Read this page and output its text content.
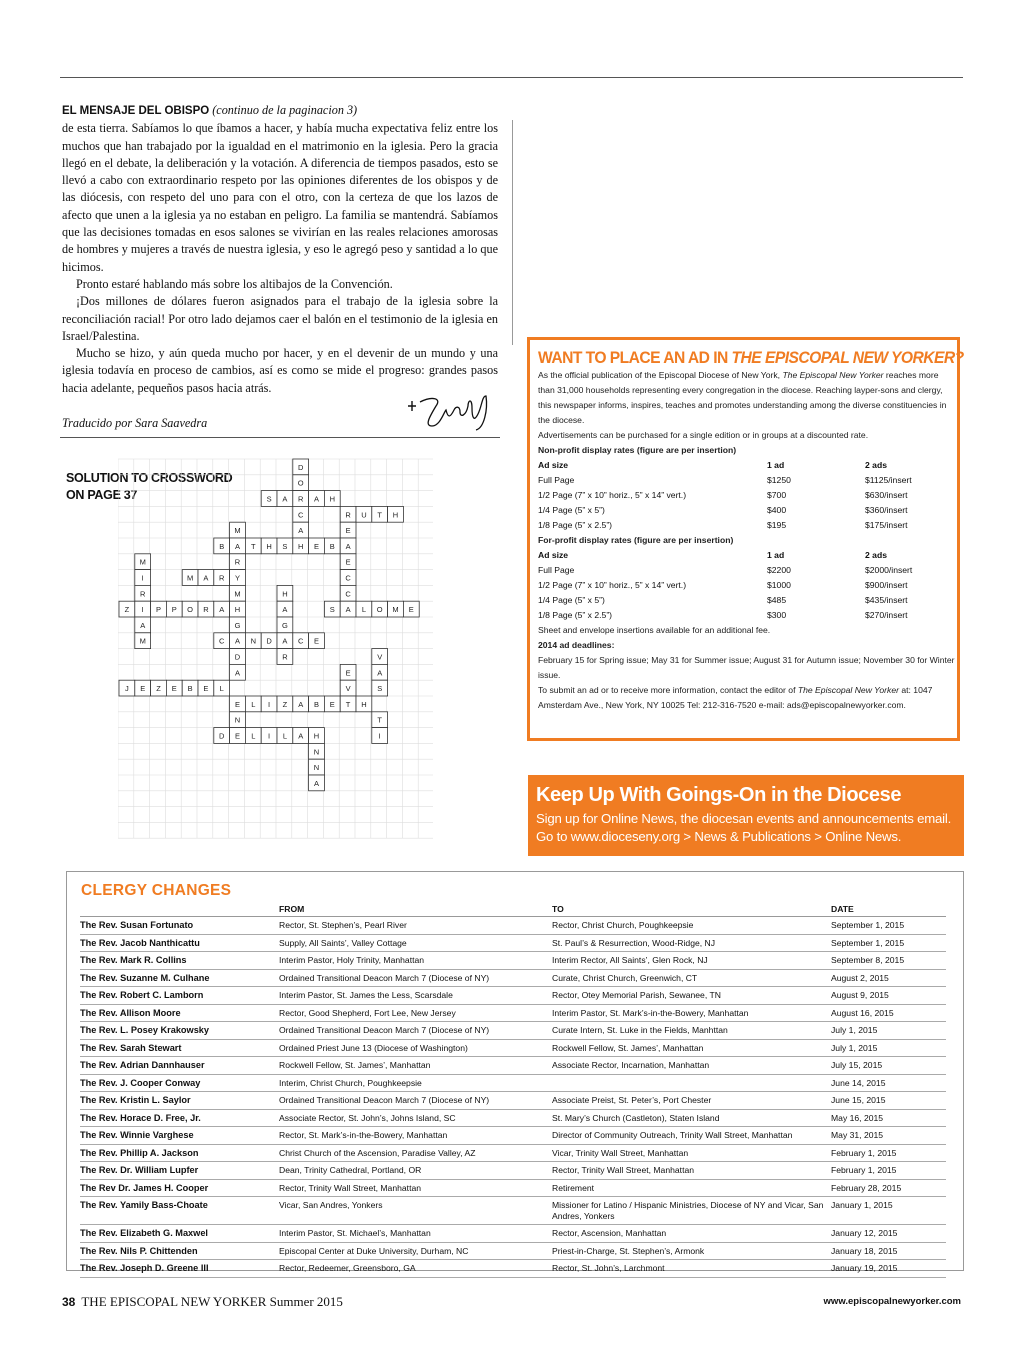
EL MENSAJE DEL OBISPO (continuo de la paginacion 3)

de esta tierra. Sabíamos lo que íbamos a hacer, y había mucha expectativa feliz entre los muchos que han trabajado por la igualdad en el matrimonio en la iglesia. Pero la gracia llegó en el debate, la deliberación y la votación. A diferencia de tiempos pasados, esto se llevó a cabo con extraordinario respeto por las opiniones diferentes de los obispos y de las diócesis, con respeto del uno para con el otro, con la certeza de que los lazos de afecto que unen a la iglesia ya no estaban en peligro. La familia se mantendrá. Sabíamos que las decisiones tomadas en esos salones se vivirían en las reales relaciones amorosas de hombres y mujeres a través de nuestra iglesia, y eso le agregó peso y santidad a lo que hicimos.

Pronto estaré hablando más sobre los altibajos de la Convención.

¡Dos millones de dólares fueron asignados para el trabajo de la iglesia sobre la reconciliación racial! Por otro lado dejamos caer el balón en el testimonio de la iglesia en Israel/Palestina.

Mucho se hizo, y aún queda mucho por hacer, y en el devenir de un mundo y una iglesia todavía en proceso de cambios, así es como se mide el progreso: grandes pasos hacia adelante, pequeños pasos hacia atrás.

Traducido por Sara Saavedra
SOLUTION TO CROSSWORD
ON PAGE 37
D
O
S A R A H
C	R U T H
M	A	E
B A T H S H E B A
M	R	E
I	M A R Y	C
R	M	H	C
Z I P P O R A H	A	S A L O M E
A	G	G
M	C A N D A C E
D	R	V
A	E	A
J E Z E B E L	V	S
E L I Z A B E T H
N	T
D E L I L A H	I
N
N
A
WANT TO PLACE AN AD IN THE EPISCOPAL NEW YORKER?
As the official publication of the Episcopal Diocese of New York, The Episcopal New Yorker reaches more than 31,000 households representing every congregation in the diocese. Reaching layper-sons and clergy, this newspaper informs, inspires, teaches and promotes understanding among the diverse constituencies in the diocese.
Advertisements can be purchased for a single edition or in groups at a discounted rate.
Non-profit display rates (figure are per insertion)
Ad size	1 ad	2 ads
Full Page	$1250	$1125/insert
1/2 Page (7” x 10” horiz., 5” x 14” vert.)	$700	$630/insert
1/4 Page (5” x 5”)	$400	$360/insert
1/8 Page (5” x 2.5”)	$195	$175/insert
For-profit display rates (figure are per insertion)
Ad size	1 ad	2 ads
Full Page	$2200	$2000/insert
1/2 Page (7” x 10” horiz., 5” x 14” vert.)	$1000	$900/insert
1/4 Page (5” x 5”)	$485	$435/insert
1/8 Page (5” x 2.5”)	$300	$270/insert
Sheet and envelope insertions available for an additional fee.
2014 ad deadlines:
February 15 for Spring issue; May 31 for Summer issue; August 31 for Autumn issue; November 30 for Winter issue.
To submit an ad or to receive more information, contact the editor of The Episcopal New Yorker at: 1047 Amsterdam Ave., New York, NY 10025 Tel: 212-316-7520 e-mail: ads@episcopalnewyorker.com.
Keep Up With Goings-On in the Diocese
Sign up for Online News, the diocesan events and announcements email. Go to www.dioceseny.org > News & Publications > Online News.
CLERGY CHANGES
	FROM	TO	DATE
The Rev. Susan Fortunato	Rector, St. Stephen’s, Pearl River	Rector, Christ Church, Poughkeepsie	September 1, 2015
The Rev. Jacob Nanthicattu	Supply, All Saints’, Valley Cottage	St. Paul’s & Resurrection, Wood-Ridge, NJ	September 1, 2015
The Rev. Mark R. Collins	Interim Pastor, Holy Trinity, Manhattan	Interim Rector, All Saints’, Glen Rock, NJ	September 8, 2015
The Rev. Suzanne M. Culhane	Ordained Transitional Deacon March 7 (Diocese of NY)	Curate, Christ Church, Greenwich, CT	August 2, 2015
The Rev. Robert C. Lamborn	Interim Pastor, St. James the Less, Scarsdale	Rector, Otey Memorial Parish, Sewanee, TN	August 9, 2015
The Rev. Allison Moore	Rector, Good Shepherd, Fort Lee, New Jersey	Interim Pastor, St. Mark’s-in-the-Bowery, Manhattan	August 16, 2015
The Rev. L. Posey Krakowsky	Ordained Transitional Deacon March 7 (Diocese of NY)	Curate Intern, St. Luke in the Fields, Manhttan	July 1, 2015
The Rev. Sarah Stewart	Ordained Priest June 13 (Diocese of Washington)	Rockwell Fellow, St. James’, Manhattan	July 1, 2015
The Rev. Adrian Dannhauser	Rockwell Fellow, St. James’, Manhattan	Associate Rector, Incarnation, Manhattan	July 15, 2015
The Rev. J. Cooper Conway	Interim, Christ Church, Poughkeepsie		June 14, 2015
The Rev. Kristin L. Saylor	Ordained Transitional Deacon March 7 (Diocese of NY)	Associate Preist, St. Peter’s, Port Chester	June 15, 2015
The Rev. Horace D. Free, Jr.	Associate Rector, St. John’s, Johns Island, SC	St. Mary’s Church (Castleton), Staten Island	May 16, 2015
The Rev. Winnie Varghese	Rector, St. Mark’s-in-the-Bowery, Manhattan	Director of Community Outreach, Trinity Wall Street, Manhattan	May 31, 2015
The Rev. Phillip A. Jackson	Christ Church of the Ascension, Paradise Valley, AZ	Vicar, Trinity Wall Street, Manhattan	February 1, 2015
The Rev. Dr. William Lupfer	Dean, Trinity Cathedral, Portland, OR	Rector, Trinity Wall Street, Manhattan	February 1, 2015
The Rev Dr. James H. Cooper	Rector, Trinity Wall Street, Manhattan	Retirement	February 28, 2015
The Rev. Yamily Bass-Choate	Vicar, San Andres, Yonkers	Missioner for Latino / Hispanic Ministries, Diocese of NY and Vicar, San Andres, Yonkers	January 1, 2015
The Rev. Elizabeth G. Maxwel	Interim Pastor, St. Michael’s, Manhattan	Rector, Ascension, Manhattan	January 12, 2015
The Rev. Nils P. Chittenden	Episcopal Center at Duke University, Durham, NC	Priest-in-Charge, St. Stephen’s, Armonk	January 18, 2015
The Rev. Joseph D. Greene III	Rector, Redeemer, Greensboro, GA	Rector, St. John’s, Larchmont	January 19, 2015
38 THE EPISCOPAL NEW YORKER Summer 2015	www.episcopalnewyorker.com
